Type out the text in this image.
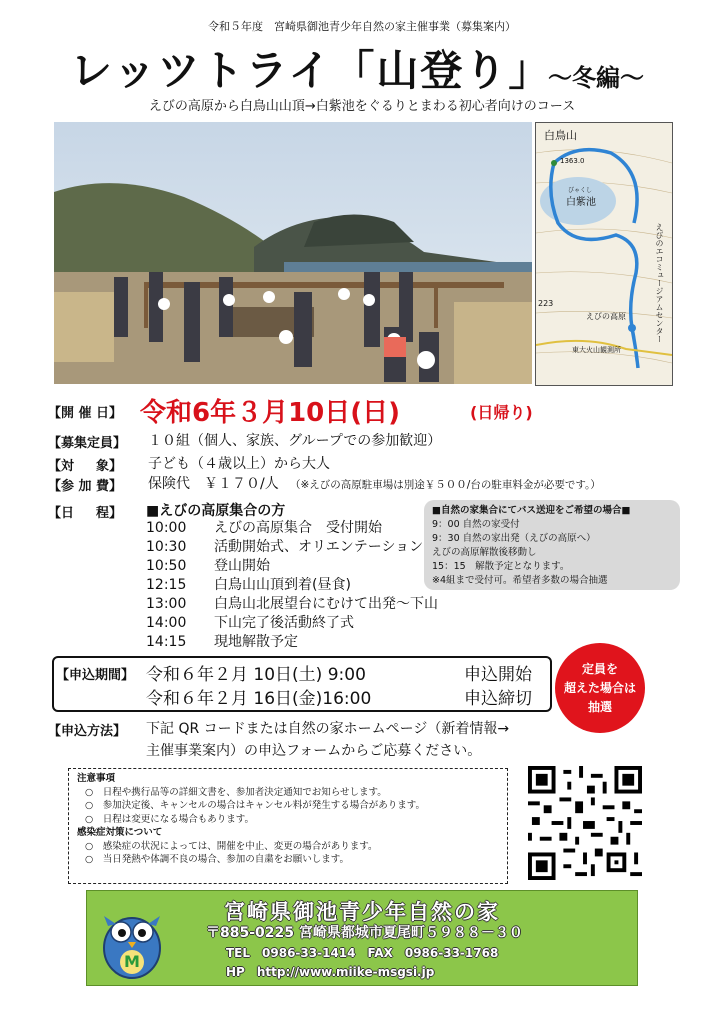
令和５年度　宮崎県御池青少年自然の家主催事業（募集案内）
レッツトライ「山登り」
～冬編～
えびの高原から白鳥山山頂→白紫池をぐるりとまわる初心者向けのコース
白鳥山
1363.0
びゃくし
白紫池
えびのエコミュージアムセンター
えびの高原
223
東大火山観測所
【開 催 日】 令和6年３月10日(日)	(日帰り)
【募集定員】 １０組（個人、家族、グループでの参加歓迎）
【対 象】 子ども（４歳以上）から大人
【参 加 費】 保険代　￥１７０/人 （※えびの高原駐車場は別途￥５００/台の駐車料金が必要です。）
【日 程】 ■えびの高原集合の方
10:00 えびの高原集合　受付開始
10:30 活動開始式、オリエンテーション
10:50 登山開始
12:15 白鳥山山頂到着(昼食)
13:00 白鳥山北展望台にむけて出発～下山
14:00 下山完了後活動終了式
14:15 現地解散予定
■自然の家集合にてバス送迎をご希望の場合■
9：00 自然の家受付
9：30 自然の家出発（えびの高原へ）
えびの高原解散後移動し
15：15　解散予定となります。
※4組まで受付可。希望者多数の場合抽選
【申込期間】 令和６年２月 10日(土) 9:00	申込開始
令和６年２月 16日(金)16:00	申込締切
定員を
超えた場合は
抽選
【申込方法】 下記 QR コードまたは自然の家ホームページ（新着情報→
主催事業案内）の申込フォームからご応募ください。
注意事項
○　日程や携行品等の詳細文書を、参加者決定通知でお知らせします。
○　参加決定後、キャンセルの場合はキャンセル料が発生する場合があります。
○　日程は変更になる場合もあります。
感染症対策について
○　感染症の状況によっては、開催を中止、変更の場合があります。
○　当日発熱や体調不良の場合、参加の自粛をお願いします。
M
宮崎県御池青少年自然の家
〒885-0225 宮崎県都城市夏尾町５９８８－３０
TEL　0986-33-1414　FAX　0986-33-1768
HP　http://www.miike-msgsi.jp
